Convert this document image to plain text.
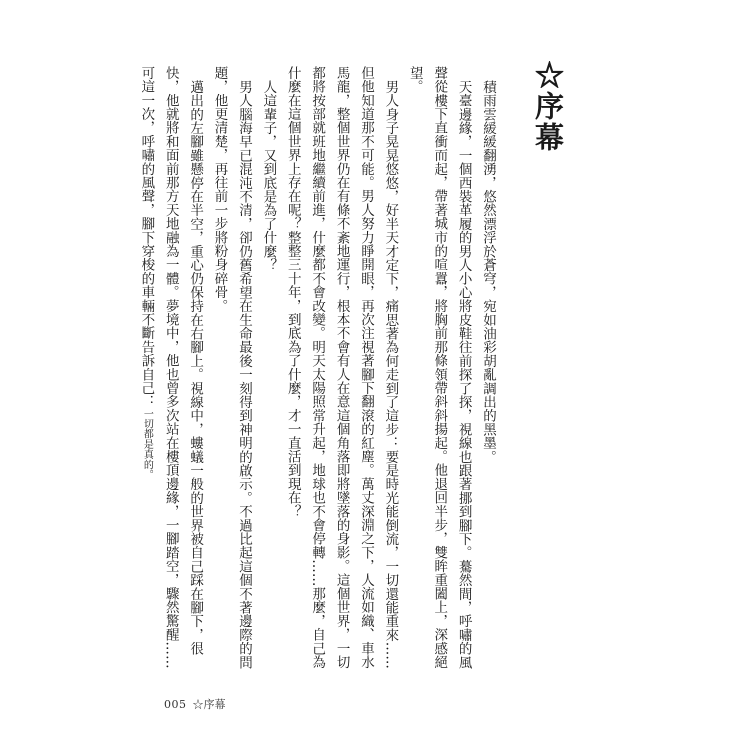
☆序幕

積雨雲緩緩翻湧，悠然漂浮於蒼穹，宛如油彩胡亂調出的黑墨。

天臺邊緣，一個西裝革履的男人小心將皮鞋往前探了探，視線也跟著挪到腳下。驀然間，呼嘯的風聲從樓下直衝而起，帶著城市的喧囂，將胸前那條領帶斜斜揚起。他退回半步，雙眸重闔上，深感絕望。

男人身子晃晃悠悠，好半天才定下，痛思著為何走到了這步：要是時光能倒流，一切還能重來……但他知道那不可能。男人努力睜開眼，再次注視著腳下翻滾的紅塵。萬丈深淵之下，人流如織、車水馬龍，整個世界仍在有條不紊地運行，根本不會有人在意這個角落即將墜落的身影。這個世界，一切都將按部就班地繼續前進，什麼都不會改變。明天太陽照常升起，地球也不會停轉……那麼，自己為什麼在這個世界上存在呢？整整三十年，到底為了什麼，才一直活到現在？

人這輩子，又到底是為了什麼？

男人腦海早已混沌不清，卻仍舊希望在生命最後一刻得到神明的啟示。不過比起這個不著邊際的問題，他更清楚，再往前一步將粉身碎骨。

邁出的左腳雖懸停在半空，重心仍保持在右腳上。視線中，螻蟻一般的世界被自己踩在腳下，很快，他就將和面前那方天地融為一體。夢境中，他也曾多次站在樓頂邊緣，一腳踏空，驟然驚醒……可這一次，呼嘯的風聲，腳下穿梭的車輛不斷告訴自己：一切都是真的。

005 ☆序幕
